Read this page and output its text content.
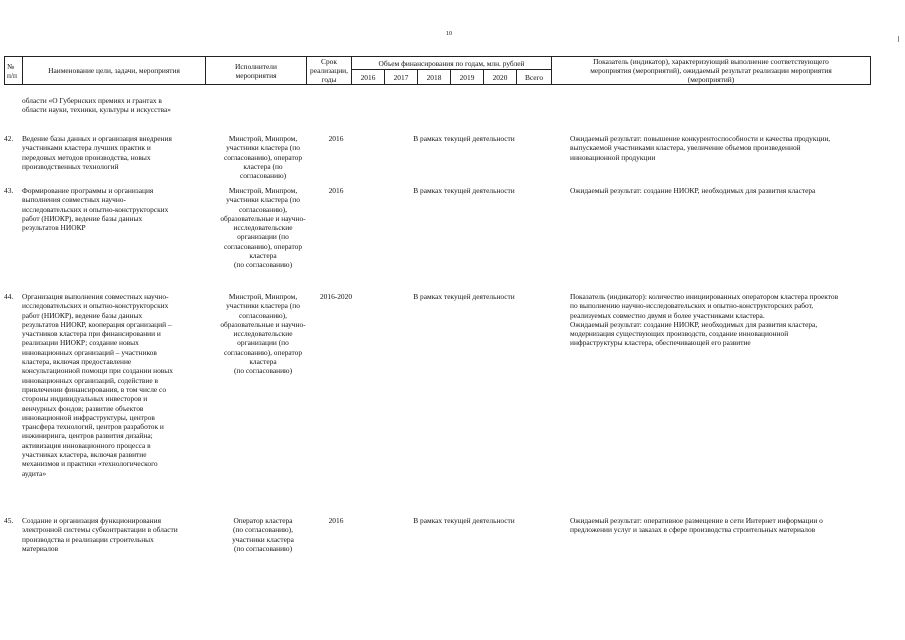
10
№
п/п	Наименование цели, задачи, мероприятия	Исполнители
мероприятия	Срок
реализации,
годы	Объем финансирования по годам, млн. рублей						Показатель (индикатор), характеризующий выполнение соответствующего
мероприятия (мероприятий), ожидаемый результат реализации мероприятия
(мероприятий)
				2016	2017	2018	2019	2020	Всего	
области «О Губернских премиях и грантах в
области науки, техники, культуры и искусства»
42.	Ведение базы данных и организация внедрения
участниками кластера лучших практик и
передовых методов производства, новых
производственных технологий
Минстрой, Минпром,
участники кластера (по
согласованию), оператор
кластера (по
согласованию)
2016	В рамках текущей деятельности	Ожидаемый результат: повышение конкурентоспособности и качества продукции,
выпускаемой участниками кластера, увеличение объемов произведенной
инновационной продукции
43.	Формирование программы и организация
выполнения совместных научно-
исследовательских и опытно-конструкторских
работ (НИОКР), ведение базы данных
результатов НИОКР
Минстрой, Минпром,
участники кластера (по
согласованию),
образовательные и научно-
исследовательские
организации (по
согласованию), оператор
кластера
(по согласованию)
2016	В рамках текущей деятельности	Ожидаемый результат: создание НИОКР, необходимых для развития кластера
44.	Организация выполнения совместных научно-
исследовательских и опытно-конструкторских
работ (НИОКР), ведение базы данных
результатов НИОКР, кооперация организаций –
участников кластера при финансировании и
реализации НИОКР; создание новых
инновационных организаций – участников
кластера, включая предоставление
консультационной помощи при создании новых
инновационных организаций, содействие в
привлечении финансирования, в том числе со
стороны индивидуальных инвесторов и
венчурных фондов; развитие объектов
инновационной инфраструктуры, центров
трансфера технологий, центров разработок и
инжиниринга, центров развития дизайна;
активизация инновационного процесса в
участниках кластера, включая развитие
механизмов и практики «технологического
аудита»
Минстрой, Минпром,
участники кластера (по
согласованию),
образовательные и научно-
исследовательские
организации (по
согласованию), оператор
кластера
(по согласованию)
2016-2020	В рамках текущей деятельности	Показатель (индикатор): количество инициированных оператором кластера проектов
по выполнению научно-исследовательских и опытно-конструкторских работ,
реализуемых совместно двумя и более участниками кластера.
Ожидаемый результат: создание НИОКР, необходимых для развития кластера,
модернизация существующих производств, создание инновационной
инфраструктуры кластера, обеспечивающей его развитие
45.	Создание и организация функционирования
электронной системы субконтрактации в области
производства и реализации строительных
материалов
Оператор кластера
(по согласованию),
участники кластера
(по согласованию)
2016	В рамках текущей деятельности	Ожидаемый результат: оперативное размещение в сети Интернет информации о
предложении услуг и заказах в сфере производства строительных материалов
